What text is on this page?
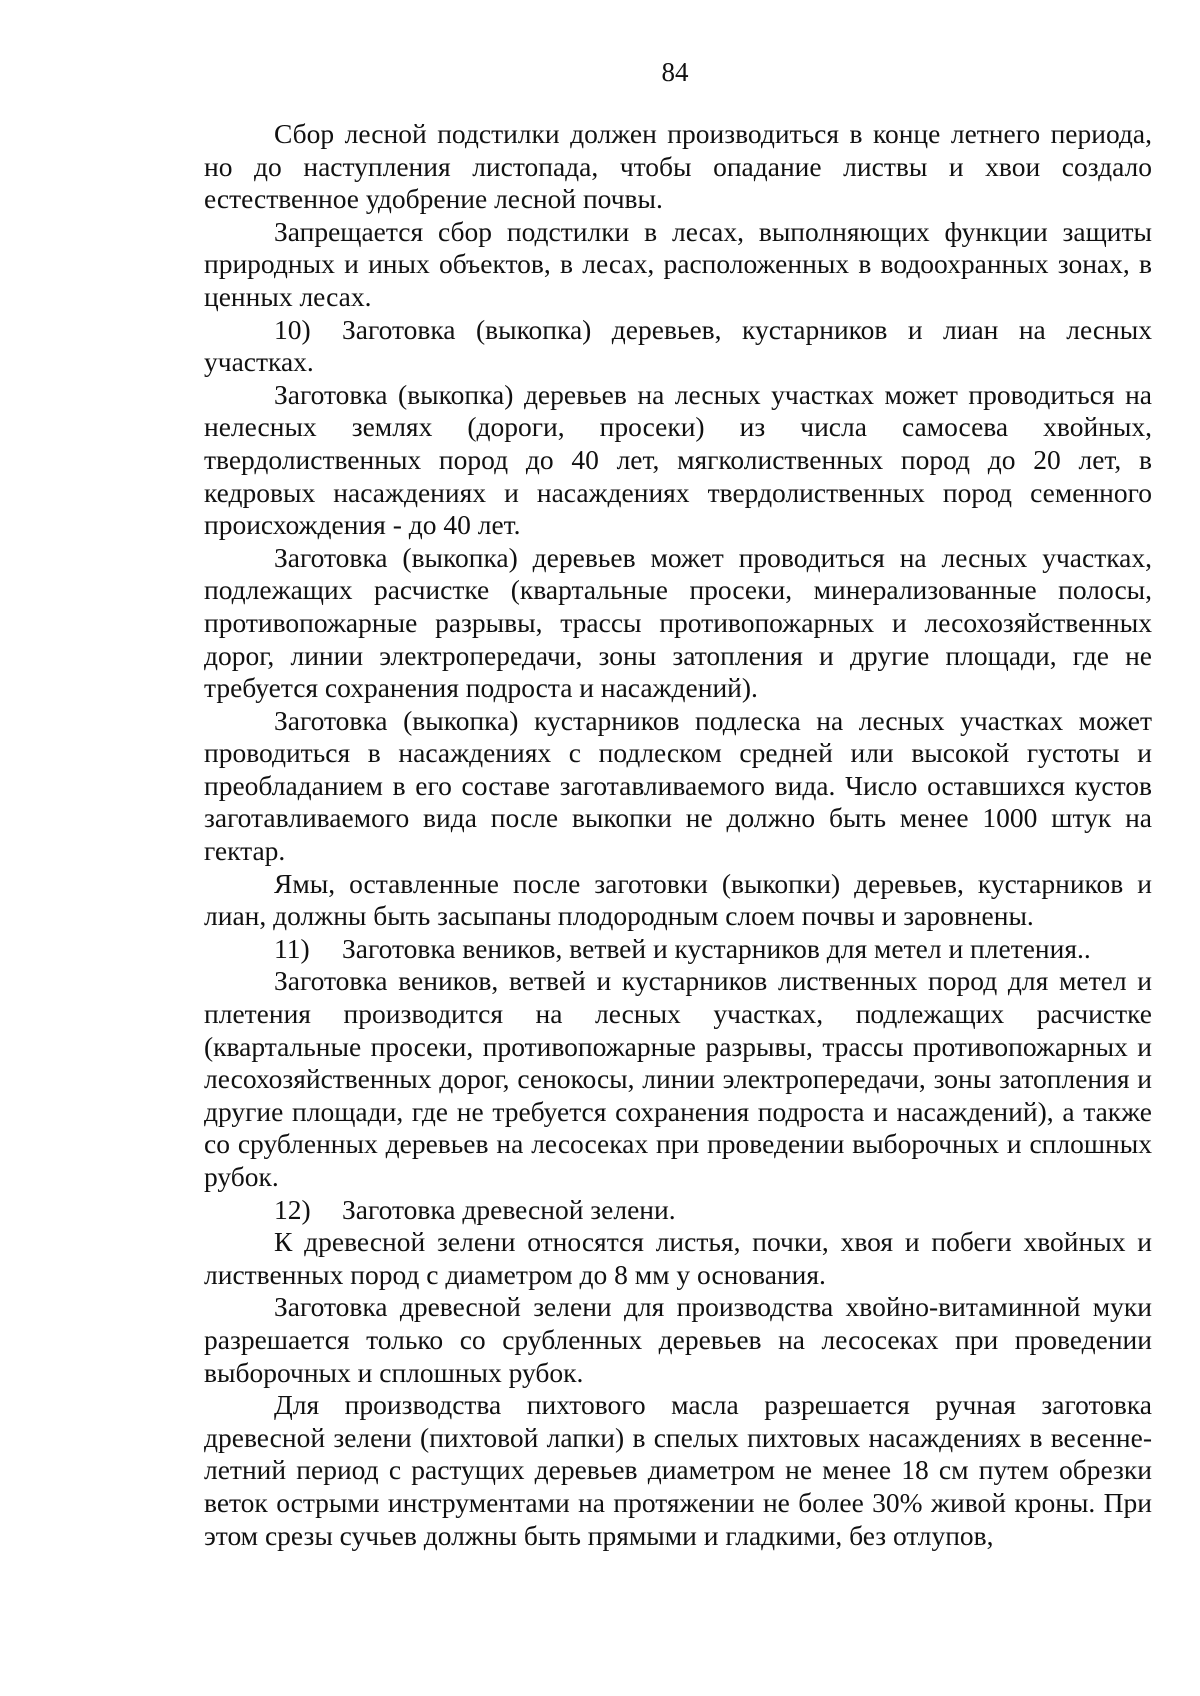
84

Сбор лесной подстилки должен производиться в конце летнего периода, но до наступления листопада, чтобы опадание листвы и хвои создало естественное удобрение лесной почвы.

Запрещается сбор подстилки в лесах, выполняющих функции защиты природных и иных объектов, в лесах, расположенных в водоохранных зонах, в ценных лесах.

10) Заготовка (выкопка) деревьев, кустарников и лиан на лесных участках.

Заготовка (выкопка) деревьев на лесных участках может проводиться на нелесных землях (дороги, просеки) из числа самосева хвойных, твердолиственных пород до 40 лет, мягколиственных пород до 20 лет, в кедровых насаждениях и насаждениях твердолиственных пород семенного происхождения - до 40 лет.

Заготовка (выкопка) деревьев может проводиться на лесных участках, подлежащих расчистке (квартальные просеки, минерализованные полосы, противопожарные разрывы, трассы противопожарных и лесохозяйственных дорог, линии электропередачи, зоны затопления и другие площади, где не требуется сохранения подроста и насаждений).

Заготовка (выкопка) кустарников подлеска на лесных участках может проводиться в насаждениях с подлеском средней или высокой густоты и преобладанием в его составе заготавливаемого вида. Число оставшихся кустов заготавливаемого вида после выкопки не должно быть менее 1000 штук на гектар.

Ямы, оставленные после заготовки (выкопки) деревьев, кустарников и лиан, должны быть засыпаны плодородным слоем почвы и заровнены.

11) Заготовка веников, ветвей и кустарников для метел и плетения..

Заготовка веников, ветвей и кустарников лиственных пород для метел и плетения производится на лесных участках, подлежащих расчистке (квартальные просеки, противопожарные разрывы, трассы противопожарных и лесохозяйственных дорог, сенокосы, линии электропередачи, зоны затопления и другие площади, где не требуется сохранения подроста и насаждений), а также со срубленных деревьев на лесосеках при проведении выборочных и сплошных рубок.

12) Заготовка древесной зелени.

К древесной зелени относятся листья, почки, хвоя и побеги хвойных и лиственных пород с диаметром до 8 мм у основания.

Заготовка древесной зелени для производства хвойно-витаминной муки разрешается только со срубленных деревьев на лесосеках при проведении выборочных и сплошных рубок.

Для производства пихтового масла разрешается ручная заготовка древесной зелени (пихтовой лапки) в спелых пихтовых насаждениях в весенне-летний период с растущих деревьев диаметром не менее 18 см путем обрезки веток острыми инструментами на протяжении не более 30% живой кроны. При этом срезы сучьев должны быть прямыми и гладкими, без отлупов,
